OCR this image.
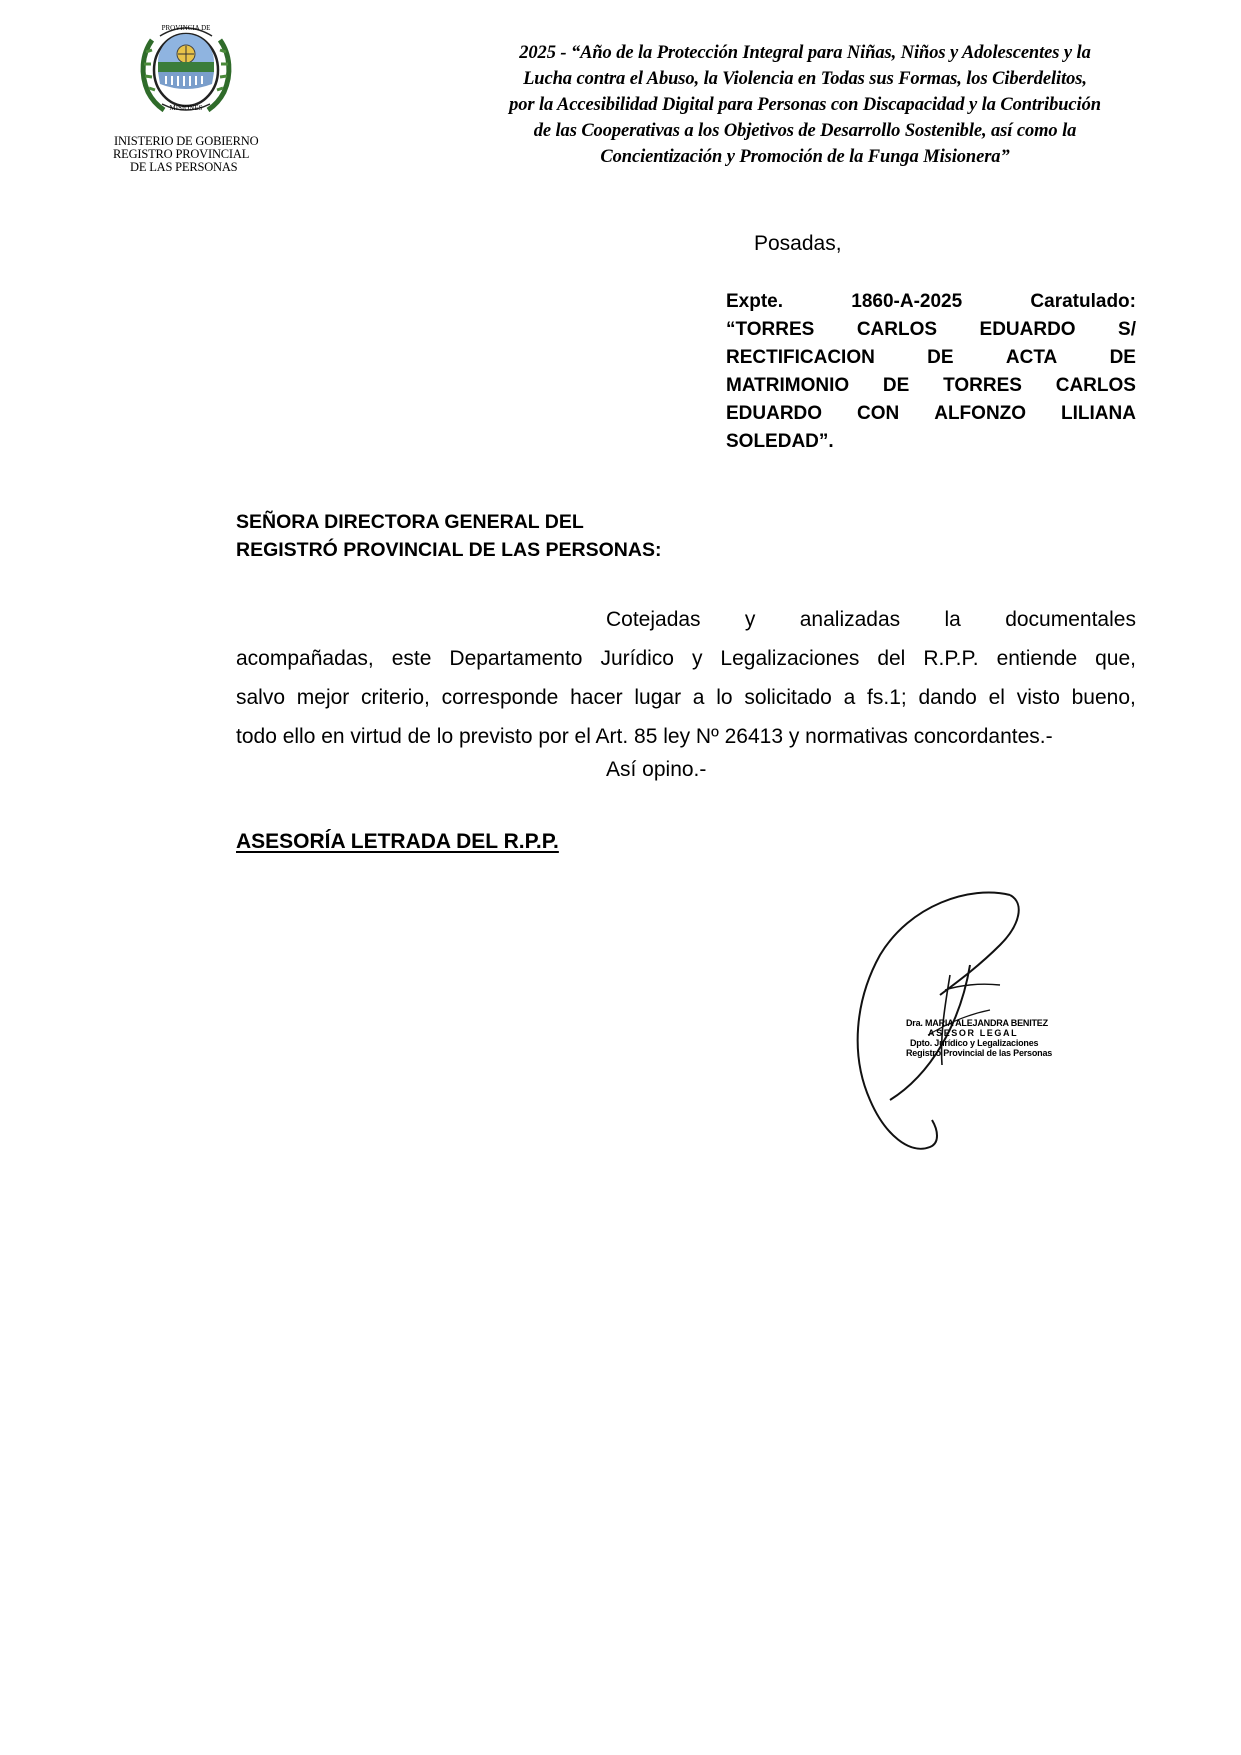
PROVINCIA DE
MISIONES
INISTERIO DE GOBIERNO
REGISTRO PROVINCIAL
DE LAS PERSONAS
2025 - “Año de la Protección Integral para Niñas, Niños y Adolescentes y la
Lucha contra el Abuso, la Violencia en Todas sus Formas, los Ciberdelitos,
por la Accesibilidad Digital para Personas con Discapacidad y la Contribución
de las Cooperativas a los Objetivos de Desarrollo Sostenible, así como la
Concientización y Promoción de la Funga Misionera”
Posadas,
Expte.	1860-A-2025	Caratulado:
“TORRES CARLOS EDUARDO S/
RECTIFICACION	DE	ACTA	DE
MATRIMONIO DE TORRES CARLOS
EDUARDO CON ALFONZO LILIANA
SOLEDAD”.
SEÑORA DIRECTORA GENERAL DEL
REGISTRÓ PROVINCIAL DE LAS PERSONAS:
Cotejadas y analizadas la documentales
acompañadas, este Departamento Jurídico y Legalizaciones del R.P.P. entiende que,
salvo mejor criterio, corresponde hacer lugar a lo solicitado a fs.1; dando el visto bueno,
todo ello en virtud de lo previsto por el Art. 85 ley Nº 26413 y normativas concordantes.-
Así opino.-
ASESORÍA LETRADA DEL R.P.P.
Dra. MARIA ALEJANDRA BENITEZ
ASESOR LEGAL
Dpto. Jurídico y Legalizaciones
Registro Provincial de las Personas
